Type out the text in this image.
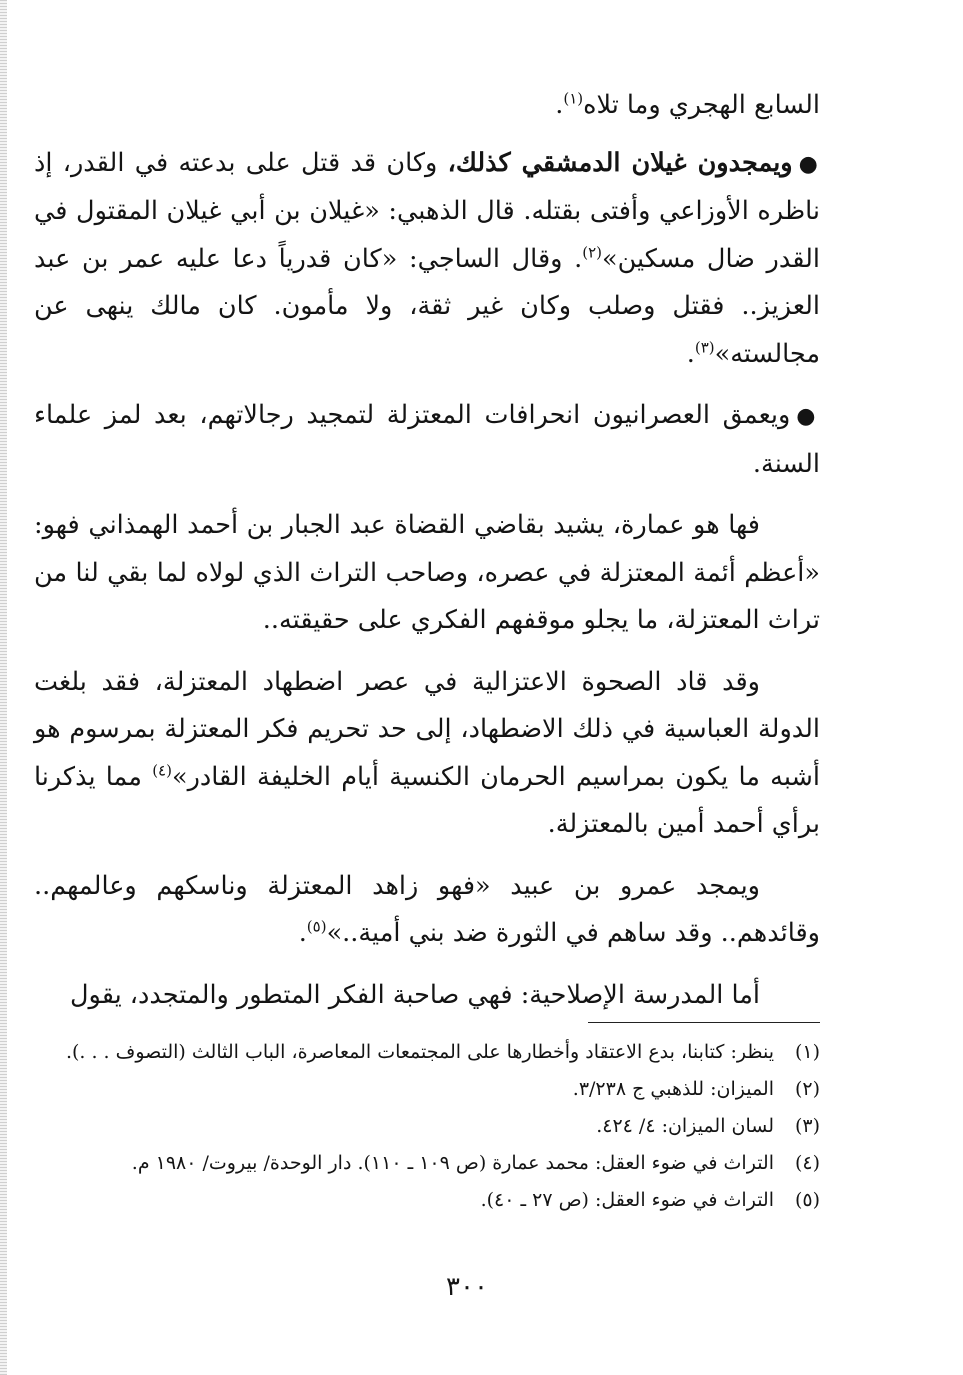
السابع الهجري وما تلاه$^{(١)}$.

●ويمجدون غيلان الدمشقي كذلك، وكان قد قتل على بدعته في القدر، إذ ناظره الأوزاعي وأفتى بقتله. قال الذهبي: «غيلان بن أبي غيلان المقتول في القدر ضال مسكين»$^{(٢)}$. وقال الساجي: «كان قدرياً دعا عليه عمر بن عبد العزيز.. فقتل وصلب وكان غير ثقة، ولا مأمون. كان مالك ينهى عن مجالسته»$^{(٣)}$.

●ويعمق العصرانيون انحرافات المعتزلة لتمجيد رجالاتهم، بعد لمز علماء السنة.

فها هو عمارة، يشيد بقاضي القضاة عبد الجبار بن أحمد الهمذاني فهو: «أعظم أئمة المعتزلة في عصره، وصاحب التراث الذي لولاه لما بقي لنا من تراث المعتزلة، ما يجلو موقفهم الفكري على حقيقته..

وقد قاد الصحوة الاعتزالية في عصر اضطهاد المعتزلة، فقد بلغت الدولة العباسية في ذلك الاضطهاد، إلى حد تحريم فكر المعتزلة بمرسوم هو أشبه ما يكون بمراسيم الحرمان الكنسية أيام الخليفة القادر»$^{(٤)}$ مما يذكرنا برأي أحمد أمين بالمعتزلة.

ويمجد عمرو بن عبيد «فهو زاهد المعتزلة وناسكهم وعالمهم.. وقائدهم.. وقد ساهم في الثورة ضد بني أمية..»$^{(٥)}$.

أما المدرسة الإصلاحية: فهي صاحبة الفكر المتطور والمتجدد، يقول

(١)
ينظر: كتابنا، بدع الاعتقاد وأخطارها على المجتمعات المعاصرة، الباب الثالث (التصوف . . .).
(٢)
الميزان: للذهبي ج ٣/٢٣٨.
(٣)
لسان الميزان: ٤/ ٤٢٤.
(٤)
التراث في ضوء العقل: محمد عمارة (ص ١٠٩ ـ ١١٠). دار الوحدة/ بيروت/ ١٩٨٠ م.
(٥)
التراث في ضوء العقل: (ص ٢٧ ـ ٤٠).
٣٠٠
